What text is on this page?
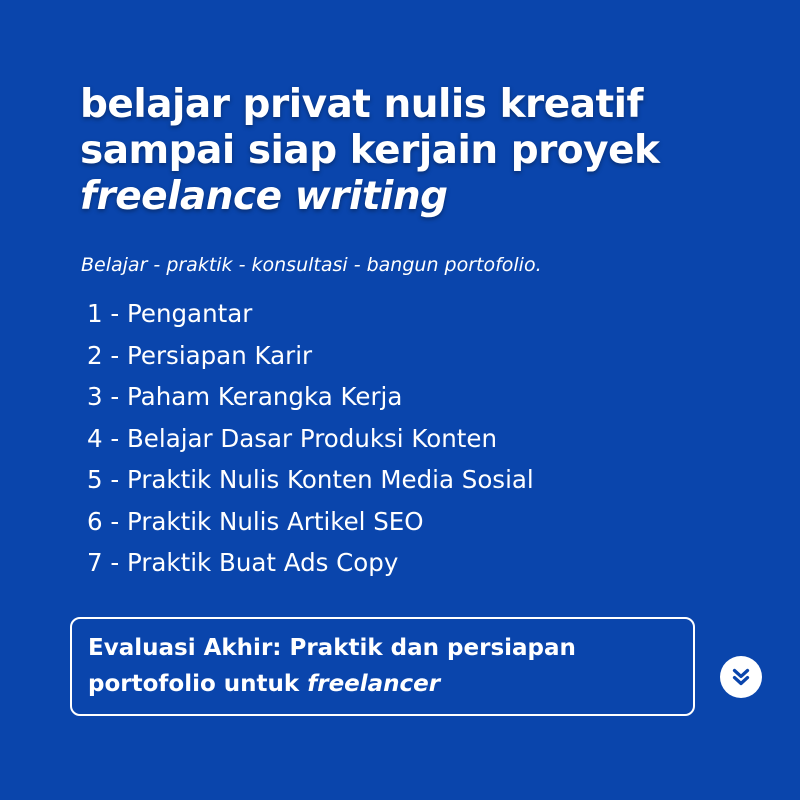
belajar privat nulis kreatif
sampai siap kerjain proyek
freelance writing
Belajar - praktik - konsultasi - bangun portofolio.
1 - Pengantar
2 - Persiapan Karir
3 - Paham Kerangka Kerja
4 - Belajar Dasar Produksi Konten
5 - Praktik Nulis Konten Media Sosial
6 - Praktik Nulis Artikel SEO
7 - Praktik Buat Ads Copy

Evaluasi Akhir: Praktik dan persiapan
portofolio untuk freelancer
